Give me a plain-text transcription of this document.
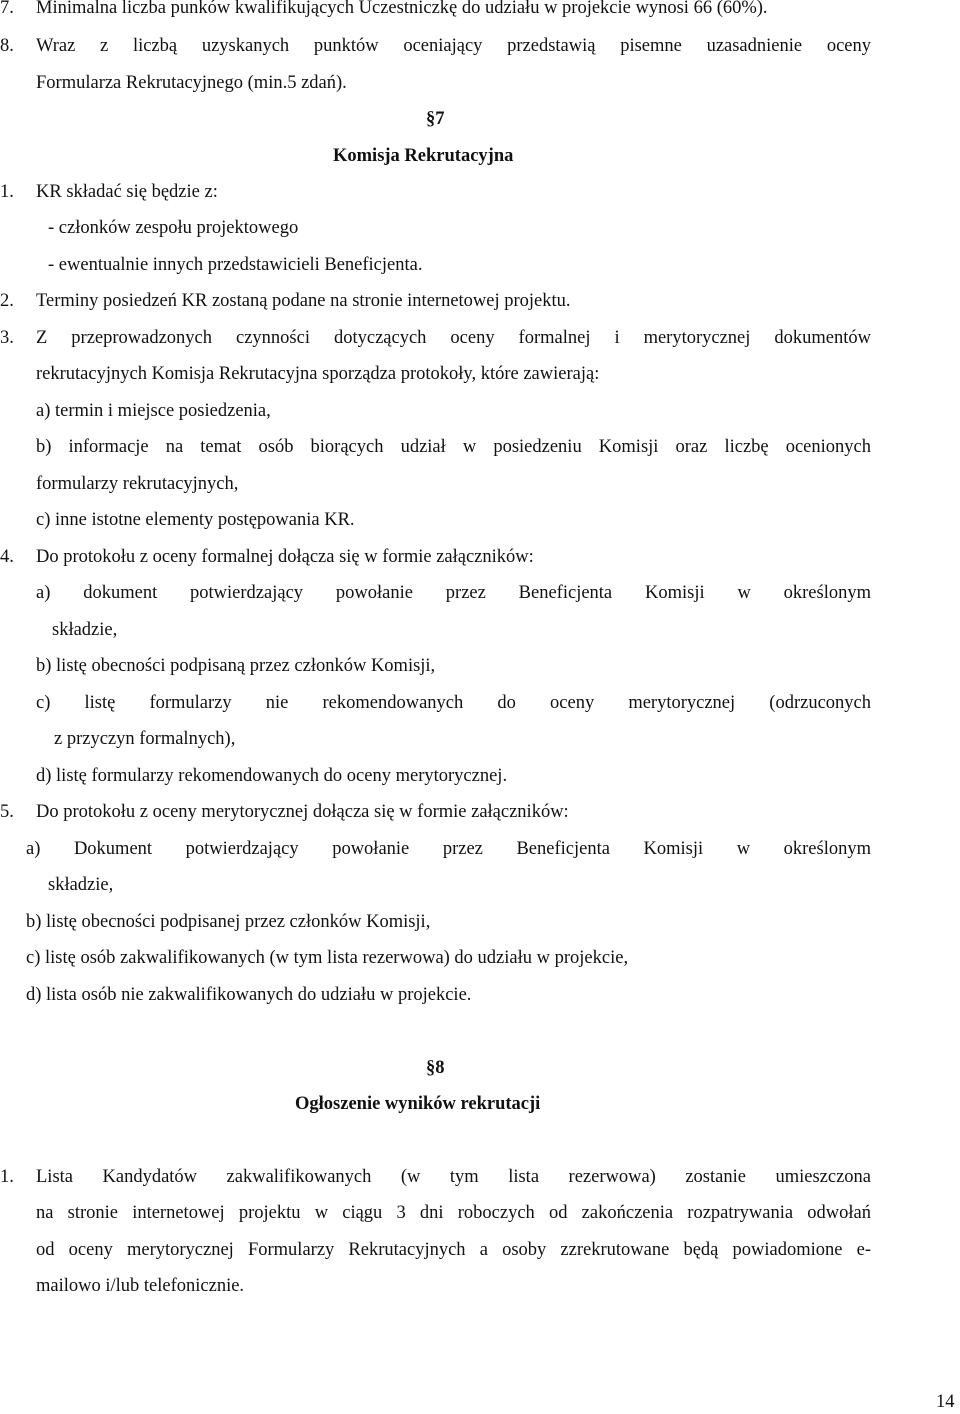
7. Minimalna liczba punków kwalifikujących Uczestniczkę do udziału w projekcie wynosi 66 (60%).
8. Wraz z liczbą uzyskanych punktów oceniający przedstawią pisemne uzasadnienie oceny
Formularza Rekrutacyjnego (min.5 zdań).
§7
Komisja Rekrutacyjna
1. KR składać się będzie z:
- członków zespołu projektowego
- ewentualnie innych przedstawicieli Beneficjenta.
2. Terminy posiedzeń KR zostaną podane na stronie internetowej projektu.
3. Z przeprowadzonych czynności dotyczących oceny formalnej i merytorycznej dokumentów
rekrutacyjnych Komisja Rekrutacyjna sporządza protokoły, które zawierają:
a) termin i miejsce posiedzenia,
b) informacje na temat osób biorących udział w posiedzeniu Komisji oraz liczbę ocenionych
formularzy rekrutacyjnych,
c) inne istotne elementy postępowania KR.
4. Do protokołu z oceny formalnej dołącza się w formie załączników:
a) dokument potwierdzający powołanie przez Beneficjenta Komisji w określonym
składzie,
b) listę obecności podpisaną przez członków Komisji,
c) listę formularzy nie rekomendowanych do oceny merytorycznej (odrzuconych
z przyczyn formalnych),
d) listę formularzy rekomendowanych do oceny merytorycznej.
5. Do protokołu z oceny merytorycznej dołącza się w formie załączników:
a) Dokument potwierdzający powołanie przez Beneficjenta Komisji w określonym
składzie,
b) listę obecności podpisanej przez członków Komisji,
c) listę osób zakwalifikowanych (w tym lista rezerwowa) do udziału w projekcie,
d) lista osób nie zakwalifikowanych do udziału w projekcie.
§8
Ogłoszenie wyników rekrutacji
1. Lista Kandydatów zakwalifikowanych (w tym lista rezerwowa) zostanie umieszczona
na stronie internetowej projektu w ciągu 3 dni roboczych od zakończenia rozpatrywania odwołań
od oceny merytorycznej Formularzy Rekrutacyjnych a osoby zzrekrutowane będą powiadomione e-
mailowo i/lub telefonicznie.
14
